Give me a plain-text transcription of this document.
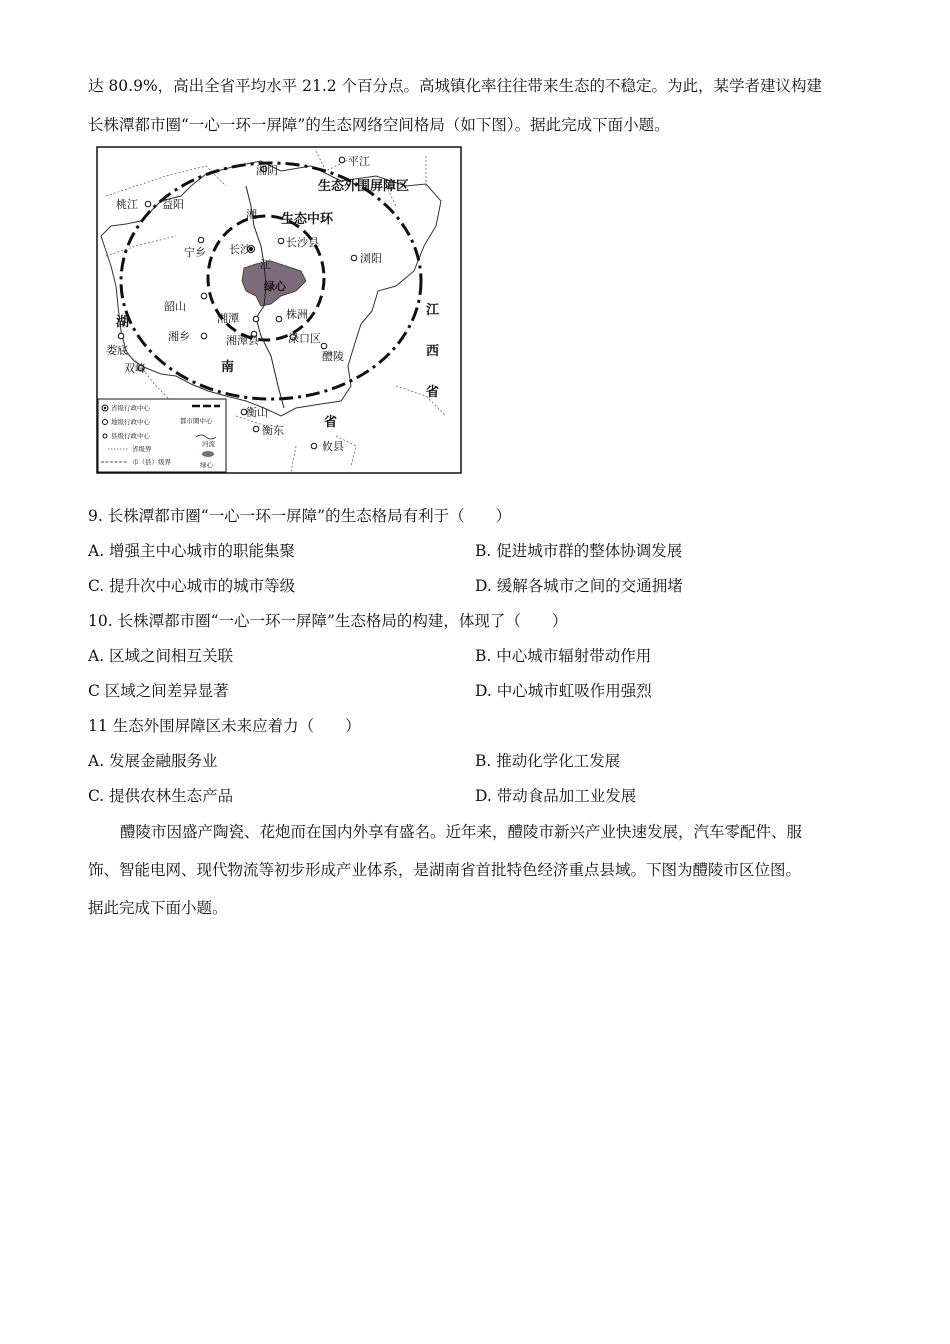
达 80.9%，高出全省平均水平 21.2 个百分点。高城镇化率往往带来生态的不稳定。为此，某学者建议构建
长株潭都市圈“一心一环一屏障”的生态网络空间格局（如下图）。据此完成下面小题。
生态外围屏障区
生态中环
绿心
江
西
省
湖
南
省
湘
江
湘阴
平江
桃江 益阳
宁乡 长沙
长沙县
浏阳
韶山
湘潭	株洲
湘乡	湘潭县	渌口区
娄底
双峰
醴陵
衡山
衡东
攸县
省级行政中心
地级行政中心
县级行政中心
省级界
市（县）级界
都市圈中心
河流
绿心
9. 长株潭都市圈“一心一环一屏障”的生态格局有利于（　　）
A. 增强主中心城市的职能集聚	B. 促进城市群的整体协调发展
C. 提升次中心城市的城市等级	D. 缓解各城市之间的交通拥堵
10. 长株潭都市圈“一心一环一屏障”生态格局的构建，体现了（　　）
A. 区域之间相互关联	B. 中心城市辐射带动作用
C 区域之间差异显著	D. 中心城市虹吸作用强烈
11 生态外围屏障区未来应着力（　　）
A. 发展金融服务业	B. 推动化学化工发展
C. 提供农林生态产品	D. 带动食品加工业发展
醴陵市因盛产陶瓷、花炮而在国内外享有盛名。近年来，醴陵市新兴产业快速发展，汽车零配件、服
饰、智能电网、现代物流等初步形成产业体系，是湖南省首批特色经济重点县域。下图为醴陵市区位图。
据此完成下面小题。
